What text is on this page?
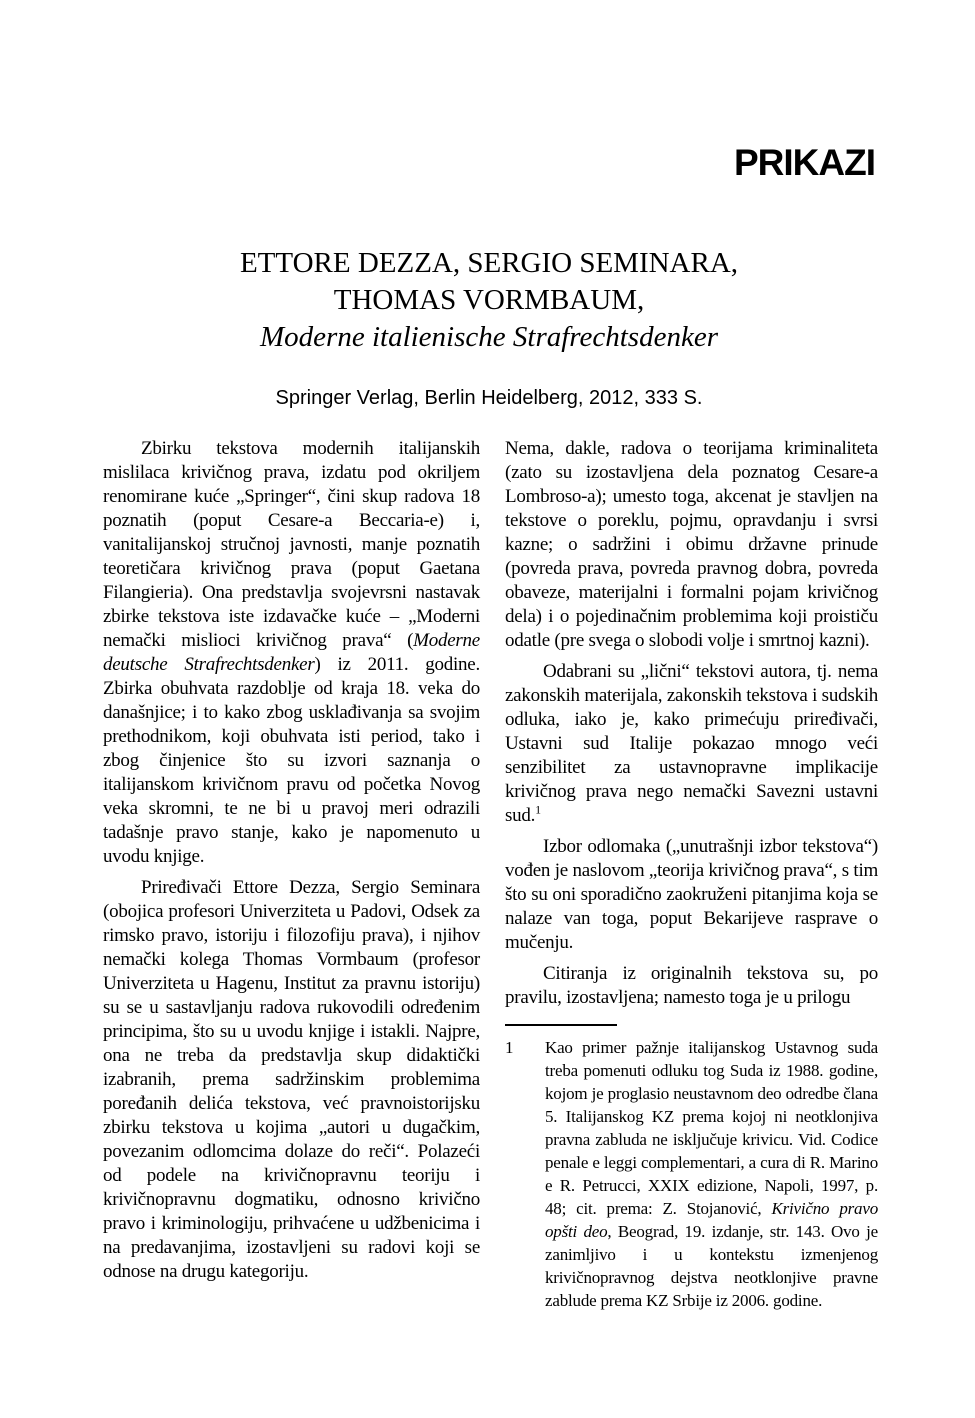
PRIKAZI
ETTORE DEZZA, SERGIO SEMINARA,
THOMAS VORMBAUM,
Moderne italienische Strafrechtsdenker
Springer Verlag, Berlin Heidelberg, 2012, 333 S.

Zbirku tekstova modernih italijanskih mislilaca krivičnog prava, izdatu pod okriljem renomirane kuće „Springer“, čini skup radova 18 poznatih (poput Cesare-a Beccaria-e) i, vanitalijanskoj stručnoj javnosti, manje poznatih teoretičara krivičnog prava (poput Gaetana Filangieria). Ona predstavlja svojevrsni nastavak zbirke tekstova iste izdavačke kuće – „Moderni nemački mislioci krivičnog prava“ (Moderne deutsche Strafrechtsdenker) iz 2011. godine. Zbirka obuhvata razdoblje od kraja 18. veka do današnjice; i to kako zbog usklađivanja sa svojim prethodnikom, koji obuhvata isti period, tako i zbog činjenice što su izvori saznanja o italijanskom krivičnom pravu od početka Novog veka skromni, te ne bi u pravoj meri odrazili tadašnje pravo stanje, kako je napomenuto u uvodu knjige.

Priređivači Ettore Dezza, Sergio Seminara (obojica profesori Univerziteta u Padovi, Odsek za rimsko pravo, istoriju i filozofiju prava), i njihov nemački kolega Thomas Vormbaum (profesor Univerziteta u Hagenu, Institut za pravnu istoriju) su se u sastavljanju radova rukovodili određenim principima, što su u uvodu knjige i istakli. Najpre, ona ne treba da predstavlja skup didaktički izabranih, prema sadržinskim problemima poređanih delića tekstova, već pravnoistorijsku zbirku tekstova u kojima „autori u dugačkim, povezanim odlomcima dolaze do reči“. Polazeći od podele na krivičnopravnu teoriju i krivičnopravnu dogmatiku, odnosno krivično pravo i kriminologiju, prihvaćene u udžbenicima i na predavanjima, izostavljeni su radovi koji se odnose na drugu kategoriju.

Nema, dakle, radova o teorijama kriminaliteta (zato su izostavljena dela poznatog Cesare-a Lombroso-a); umesto toga, akcenat je stavljen na tekstove o poreklu, pojmu, opravdanju i svrsi kazne; o sadržini i obimu državne prinude (povreda prava, povreda pravnog dobra, povreda obaveze, materijalni i formalni pojam krivičnog dela) i o pojedinačnim problemima koji proističu odatle (pre svega o slobodi volje i smrtnoj kazni).

Odabrani su „lični“ tekstovi autora, tj. nema zakonskih materijala, zakonskih tekstova i sudskih odluka, iako je, kako primećuju priređivači, Ustavni sud Italije pokazao mnogo veći senzibilitet za ustavnopravne implikacije krivičnog prava nego nemački Savezni ustavni sud.$^1$

Izbor odlomaka („unutrašnji izbor tekstova“) vođen je naslovom „teorija krivičnog prava“, s tim što su oni sporadično zaokruženi pitanjima koja se nalaze van toga, poput Bekarijeve rasprave o mučenju.

Citiranja iz originalnih tekstova su, po pravilu, izostavljena; namesto toga je u prilogu

1	Kao primer pažnje italijanskog Ustavnog suda treba pomenuti odluku tog Suda iz 1988. godine, kojom je proglasio neustavnom deo odredbe člana 5. Italijanskog KZ prema kojoj ni neotklonjiva pravna zabluda ne isključuje krivicu. Vid. Codice penale e leggi complementari, a cura di R. Marino e R. Petrucci, XXIX edizione, Napoli, 1997, p. 48; cit. prema: Z. Stojanović, Krivično pravo opšti deo, Beograd, 19. izdanje, str. 143. Ovo je zanimljivo i u kontekstu izmenjenog krivičnopravnog dejstva neotklonjive pravne zablude prema KZ Srbije iz 2006. godine.
